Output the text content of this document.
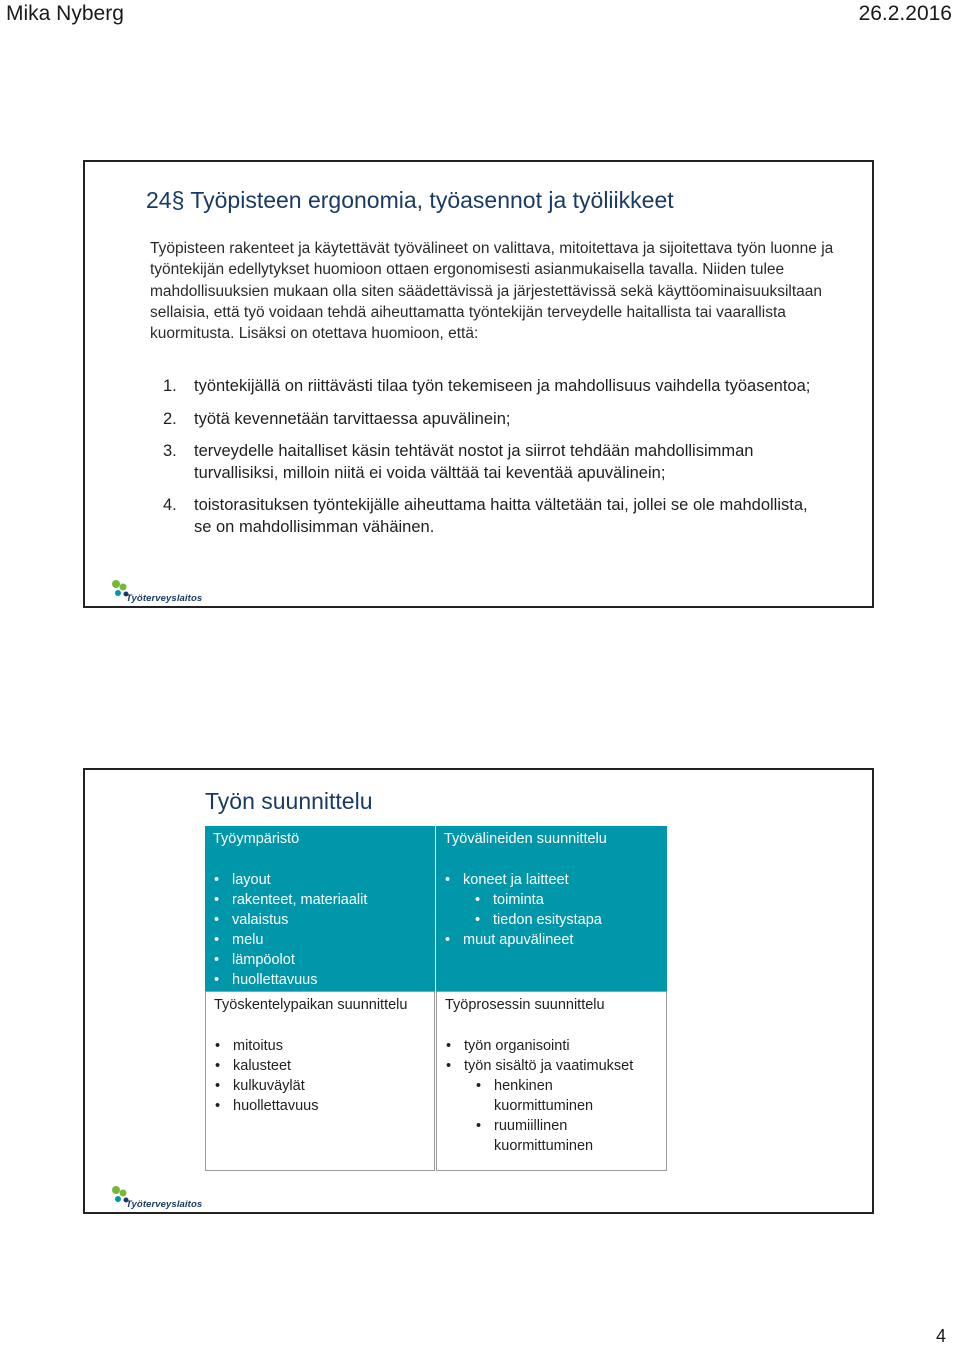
Mika Nyberg	26.2.2016
24§ Työpisteen ergonomia, työasennot ja työliikkeet
Työpisteen rakenteet ja käytettävät työvälineet on valittava, mitoitettava ja sijoitettava työn luonne ja työntekijän edellytykset huomioon ottaen ergonomisesti asianmukaisella tavalla. Niiden tulee mahdollisuuksien mukaan olla siten säädettävissä ja järjestettävissä sekä käyttöominaisuuksiltaan sellaisia, että työ voidaan tehdä aiheuttamatta työntekijän terveydelle haitallista tai vaarallista kuormitusta. Lisäksi on otettava huomioon, että:
1. työntekijällä on riittävästi tilaa työn tekemiseen ja mahdollisuus vaihdella työasentoa;
2. työtä kevennetään tarvittaessa apuvälinein;
3. terveydelle haitalliset käsin tehtävät nostot ja siirrot tehdään mahdollisimman turvallisiksi, milloin niitä ei voida välttää tai keventää apuvälinein;
4. toistorasituksen työntekijälle aiheuttama haitta vältetään tai, jollei se ole mahdollista, se on mahdollisimman vähäinen.
Työterveyslaitos
Työn suunnittelu
Työympäristö
• layout
• rakenteet, materiaalit
• valaistus
• melu
• lämpöolot
• huollettavuus
Työvälineiden suunnittelu
• koneet ja laitteet
• toiminta
• tiedon esitystapa
• muut apuvälineet
Työskentelypaikan suunnittelu
• mitoitus
• kalusteet
• kulkuväylät
• huollettavuus
Työprosessin suunnittelu
• työn organisointi
• työn sisältö ja vaatimukset
• henkinen kuormittuminen
• ruumiillinen kuormittuminen
Työterveyslaitos
4
